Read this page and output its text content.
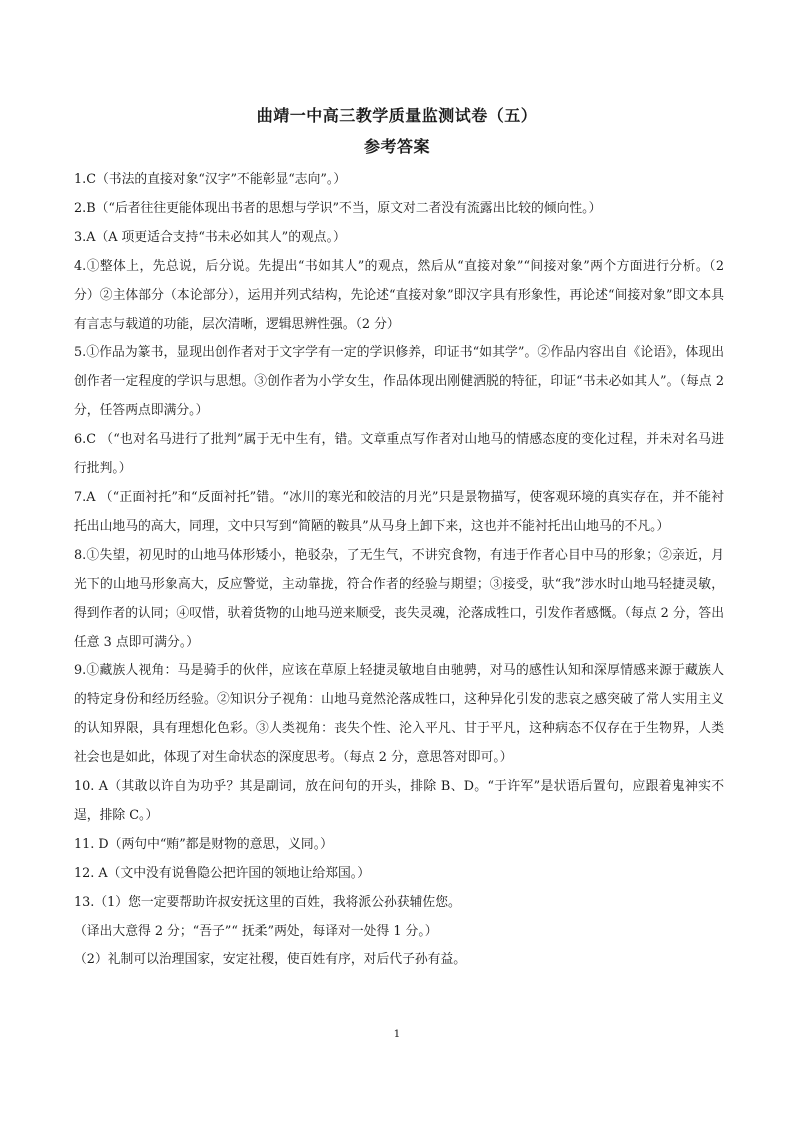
曲靖一中高三教学质量监测试卷（五）
参考答案

1.C（书法的直接对象“汉字”不能彰显“志向”。）

2.B（“后者往往更能体现出书者的思想与学识”不当，原文对二者没有流露出比较的倾向性。）

3.A（A 项更适合支持“书未必如其人”的观点。）

4.①整体上，先总说，后分说。先提出“书如其人”的观点，然后从“直接对象”“间接对象”两个方面进行分析。（2 分）②主体部分（本论部分），运用并列式结构，先论述“直接对象”即汉字具有形象性，再论述“间接对象”即文本具有言志与载道的功能，层次清晰，逻辑思辨性强。（2 分）

5.①作品为篆书，显现出创作者对于文字学有一定的学识修养，印证书“如其学”。②作品内容出自《论语》，体现出创作者一定程度的学识与思想。③创作者为小学女生，作品体现出刚健洒脱的特征，印证“书未必如其人”。（每点 2 分，任答两点即满分。）

6.C （“也对名马进行了批判”属于无中生有，错。文章重点写作者对山地马的情感态度的变化过程，并未对名马进行批判。）

7.A （“正面衬托”和“反面衬托”错。“冰川的寒光和皎洁的月光”只是景物描写，使客观环境的真实存在，并不能衬托出山地马的高大，同理，文中只写到“简陋的鞍具”从马身上卸下来，这也并不能衬托出山地马的不凡。）

8.①失望，初见时的山地马体形矮小，艳驳杂，了无生气，不讲究食物，有违于作者心目中马的形象；②亲近，月光下的山地马形象高大，反应警觉，主动靠拢，符合作者的经验与期望；③接受，驮“我”涉水时山地马轻捷灵敏，得到作者的认同；④叹惜，驮着货物的山地马逆来顺受，丧失灵魂，沦落成牲口，引发作者感慨。（每点 2 分，答出任意 3 点即可满分。）

9.①藏族人视角：马是骑手的伙伴，应该在草原上轻捷灵敏地自由驰骋，对马的感性认知和深厚情感来源于藏族人的特定身份和经历经验。②知识分子视角：山地马竟然沦落成牲口，这种异化引发的悲哀之感突破了常人实用主义的认知界限，具有理想化色彩。③人类视角：丧失个性、沦入平凡、甘于平凡，这种病态不仅存在于生物界，人类社会也是如此，体现了对生命状态的深度思考。（每点 2 分，意思答对即可。）

10. A（其敢以许自为功乎？其是副词，放在问句的开头，排除 B、D。“于许军”是状语后置句，应跟着鬼神实不逞，排除 C。）

11. D（两句中“贿”都是财物的意思，义同。）

12. A（文中没有说鲁隐公把许国的领地让给郑国。）

13.（1）您一定要帮助许叔安抚这里的百姓，我将派公孙获辅佐您。

（译出大意得 2 分；“吾子”“ 抚柔”两处，每译对一处得 1 分。）

（2）礼制可以治理国家，安定社稷，使百姓有序，对后代子孙有益。

1
